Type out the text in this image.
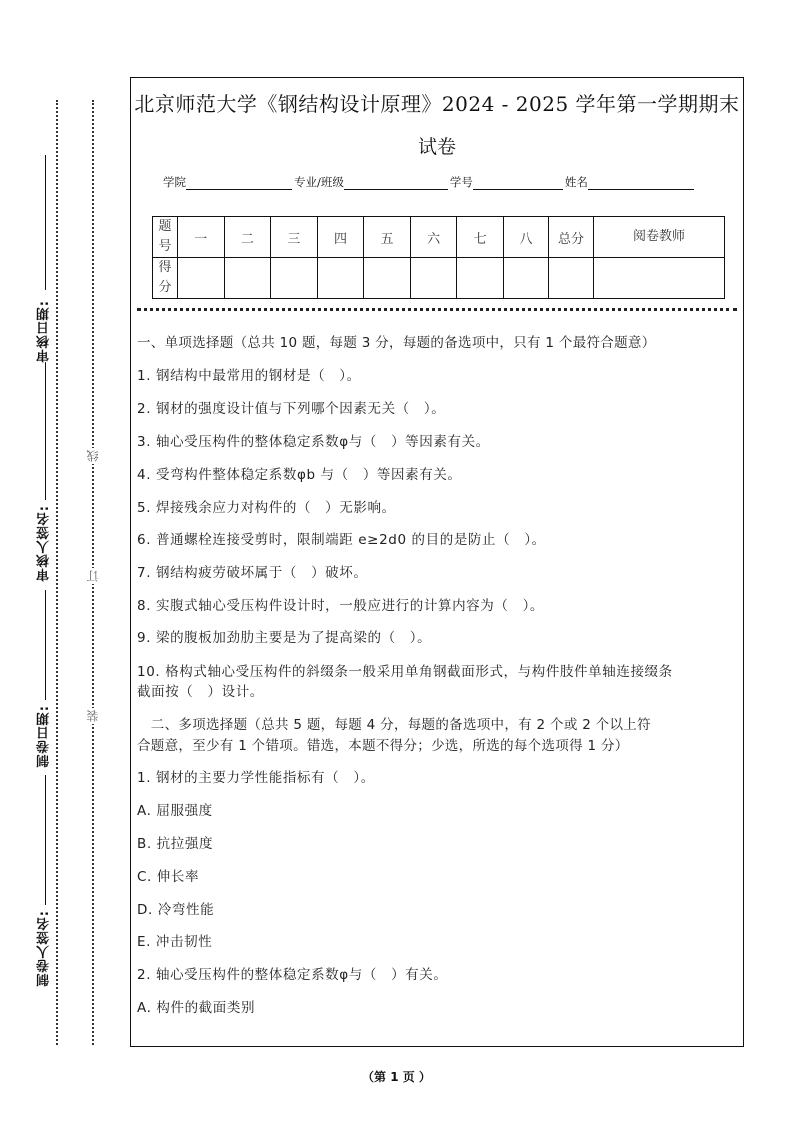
审核日期:
审核人签名:
制卷日期:
制卷人签名:
线
订
装
北京师范大学《钢结构设计原理》2024 - 2025 学年第一学期期末
试卷
学院	专业/班级	学号	姓名
题号	一	二	三	四	五	六	七	八	总分	阅卷教师
得分										
一、单项选择题（总共 10 题，每题 3 分，每题的备选项中，只有 1 个最符合题意）
1. 钢结构中最常用的钢材是（　）。
2. 钢材的强度设计值与下列哪个因素无关（　）。
3. 轴心受压构件的整体稳定系数φ与（　）等因素有关。
4. 受弯构件整体稳定系数φb 与（　）等因素有关。
5. 焊接残余应力对构件的（　）无影响。
6. 普通螺栓连接受剪时，限制端距 e≥2d0 的目的是防止（　）。
7. 钢结构疲劳破坏属于（　）破坏。
8. 实腹式轴心受压构件设计时，一般应进行的计算内容为（　）。
9. 梁的腹板加劲肋主要是为了提高梁的（　）。
10. 格构式轴心受压构件的斜缀条一般采用单角钢截面形式，与构件肢件单轴连接缀条
截面按（　）设计。
　二、多项选择题（总共 5 题，每题 4 分，每题的备选项中，有 2 个或 2 个以上符
合题意，至少有 1 个错项。错选，本题不得分；少选，所选的每个选项得 1 分）
1. 钢材的主要力学性能指标有（　）。
A. 屈服强度
B. 抗拉强度
C. 伸长率
D. 冷弯性能
E. 冲击韧性
2. 轴心受压构件的整体稳定系数φ与（　）有关。
A. 构件的截面类别
（第 1 页 ）
